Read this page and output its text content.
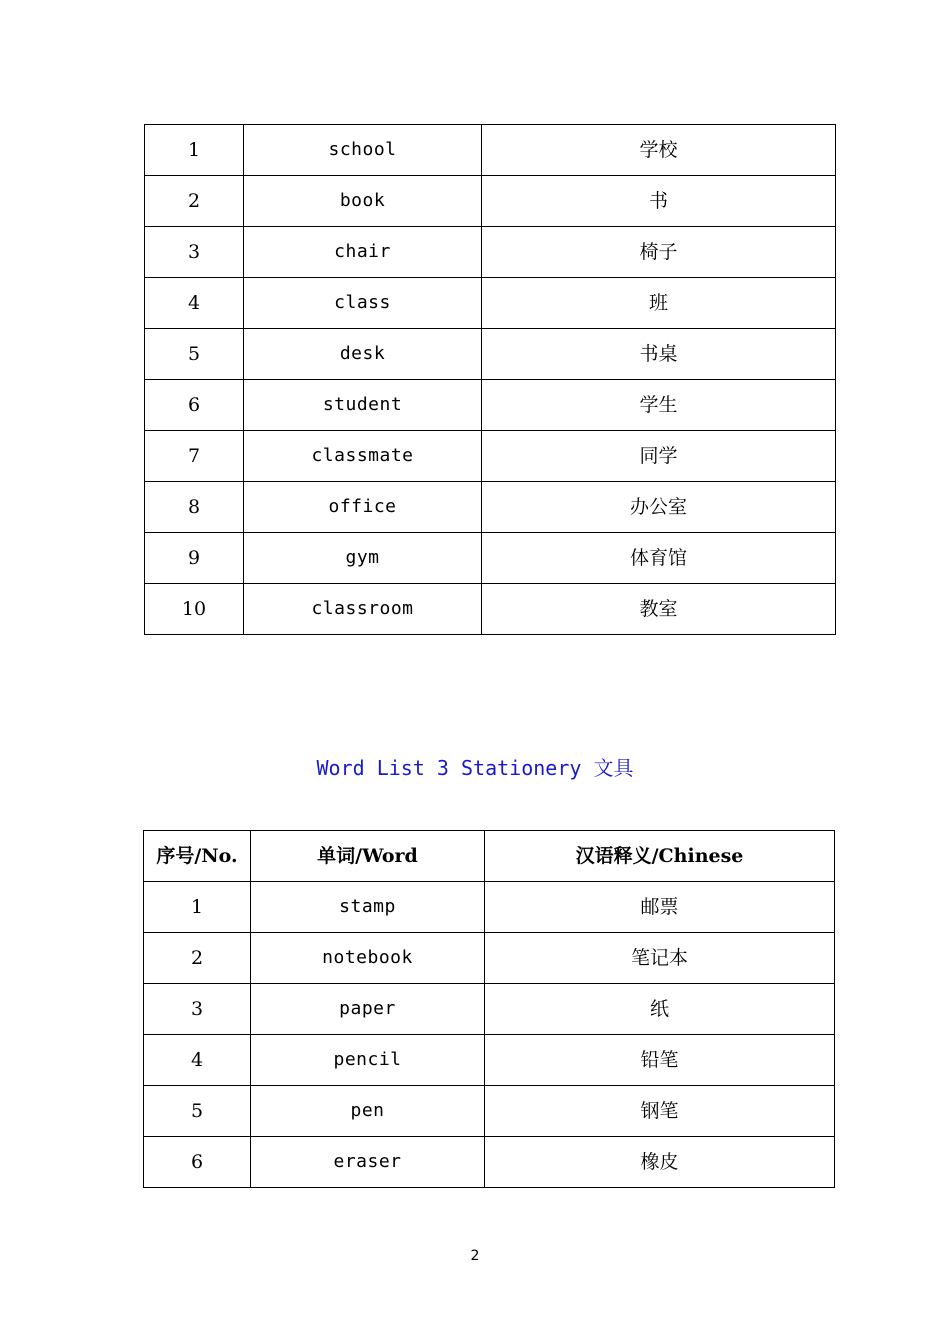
1	school	学校
2	book	书
3	chair	椅子
4	class	班
5	desk	书桌
6	student	学生
7	classmate	同学
8	office	办公室
9	gym	体育馆
10	classroom	教室
Word List 3 Stationery 文具
序号/No.	单词/Word	汉语释义/Chinese
1	stamp	邮票
2	notebook	笔记本
3	paper	纸
4	pencil	铅笔
5	pen	钢笔
6	eraser	橡皮
2
